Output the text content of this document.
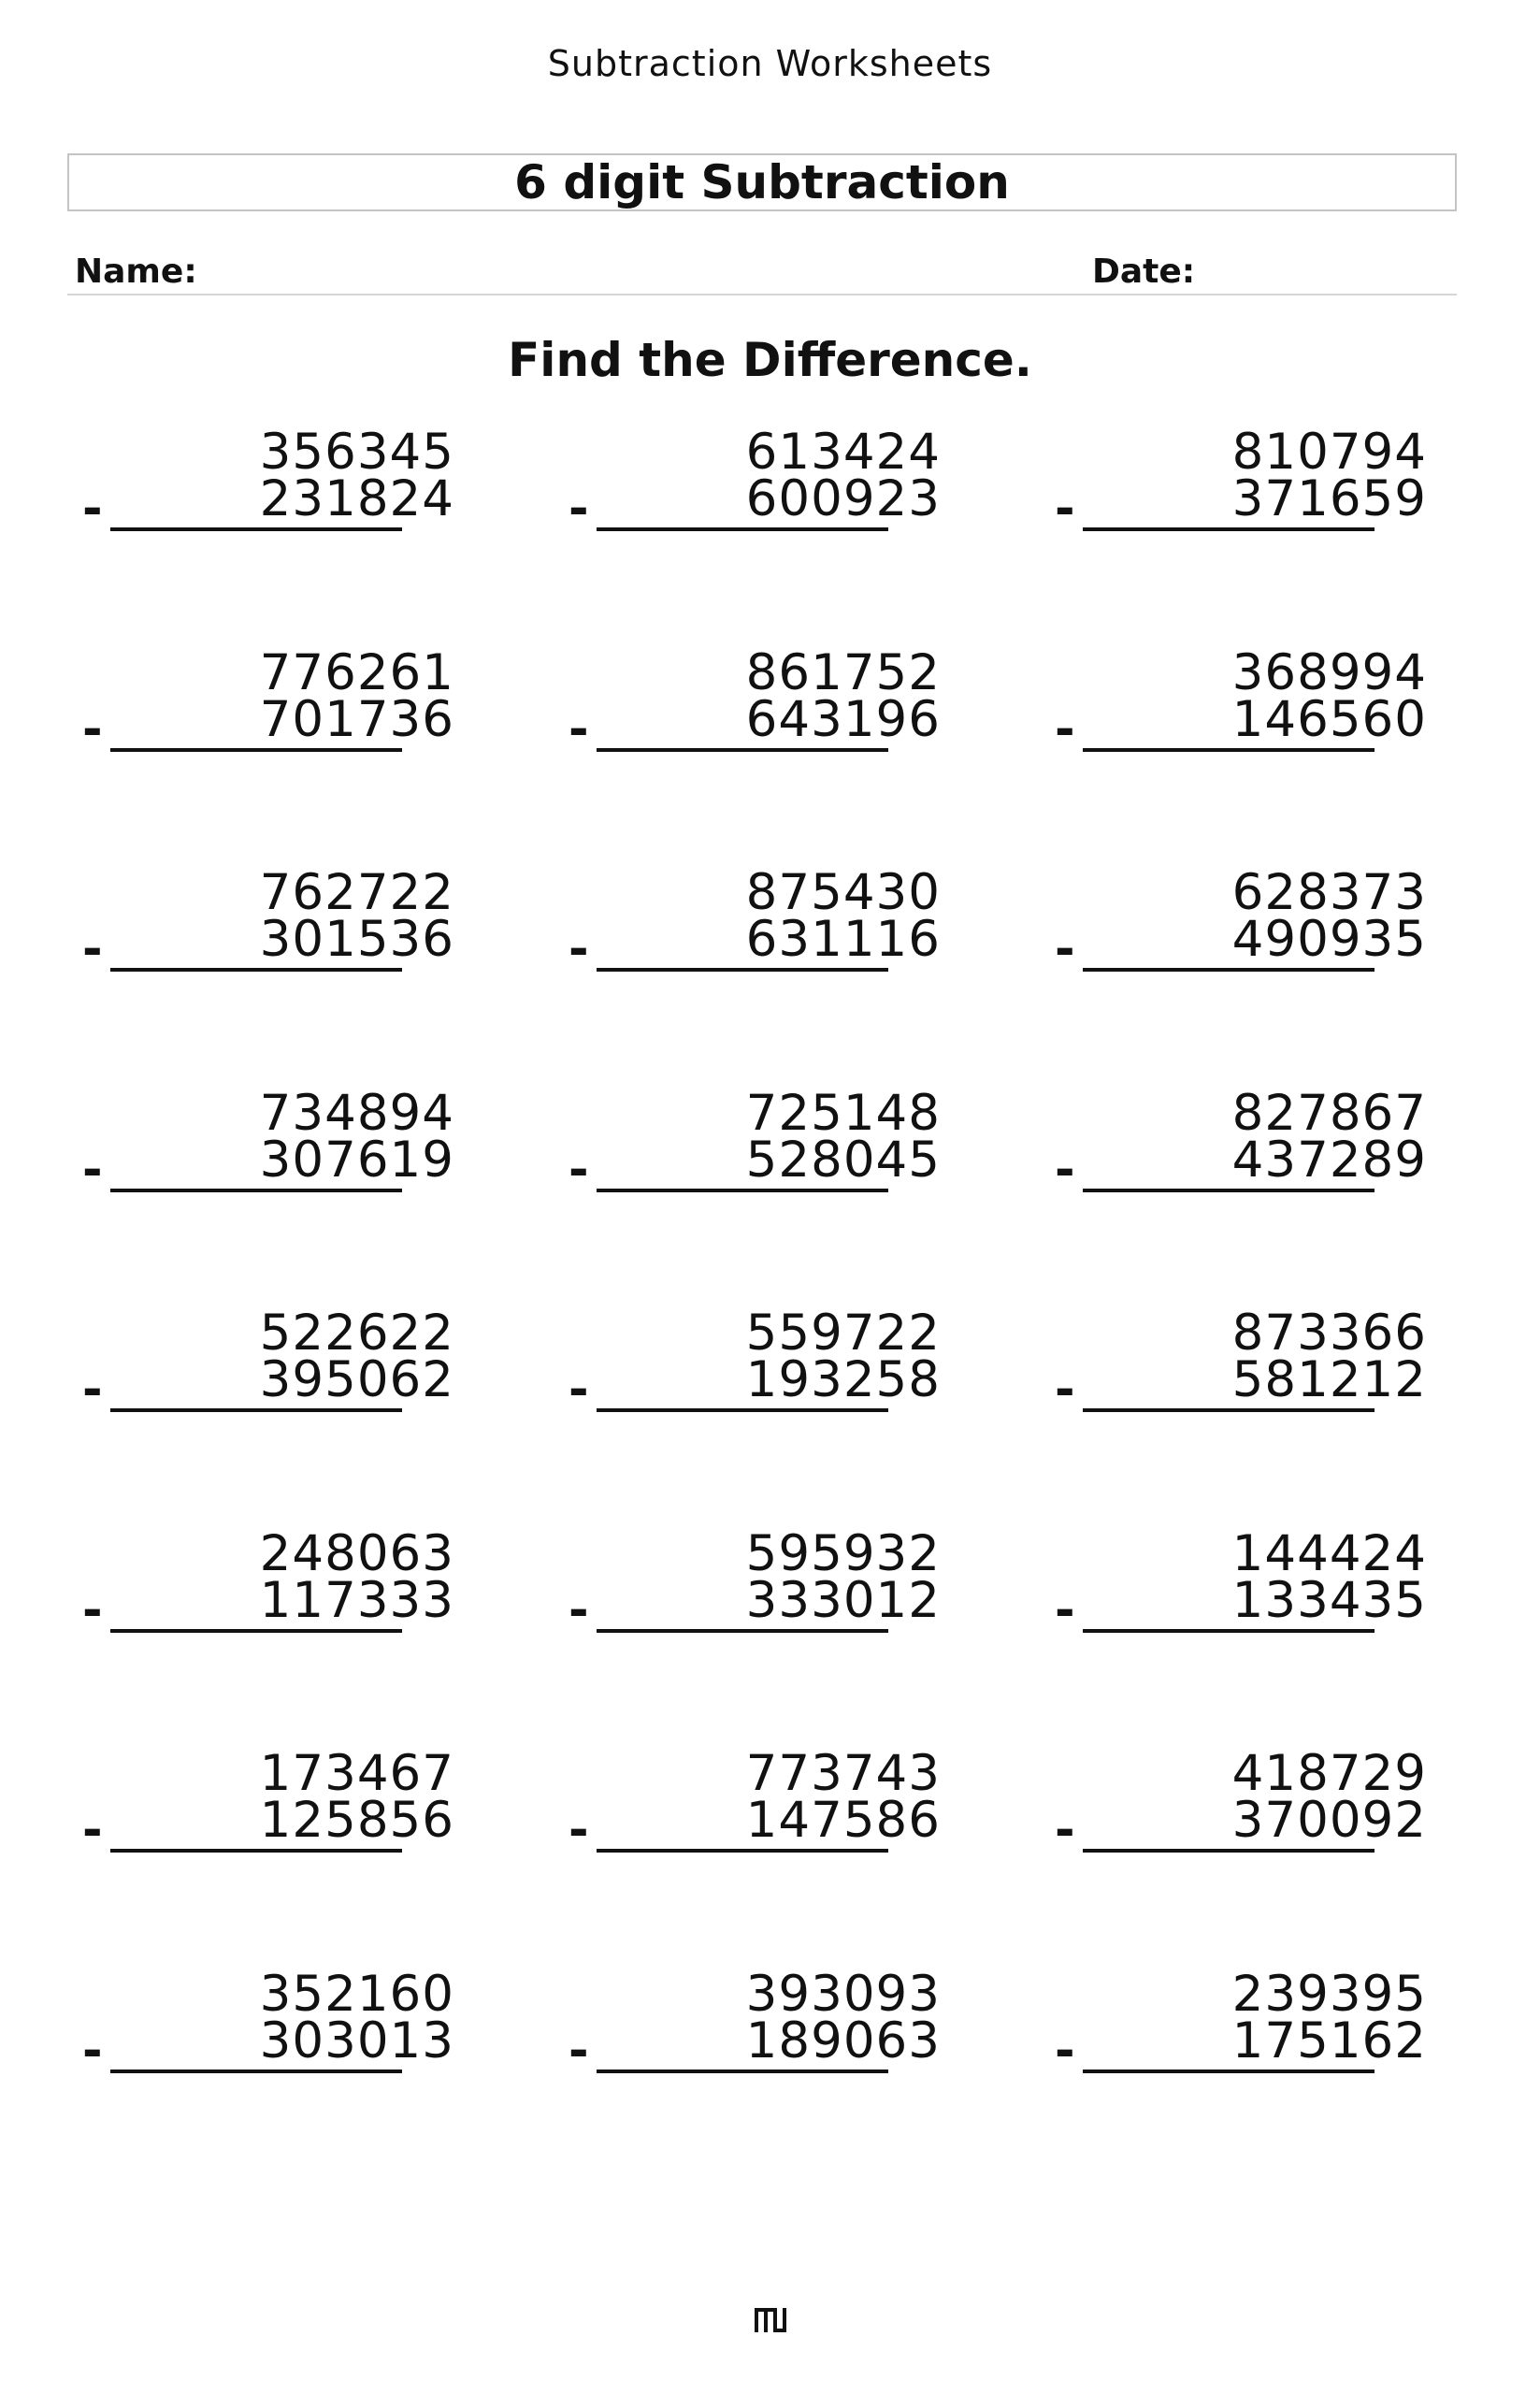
Subtraction Worksheets
6 digit Subtraction
Name:	Date:
Find the Difference.
356345
-	231824
613424
-	600923
810794
-	371659
776261
-	701736
861752
-	643196
368994
-	146560
762722
-	301536
875430
-	631116
628373
-	490935
734894
-	307619
725148
-	528045
827867
-	437289
522622
-	395062
559722
-	193258
873366
-	581212
248063
-	117333
595932
-	333012
144424
-	133435
173467
-	125856
773743
-	147586
418729
-	370092
352160
-	303013
393093
-	189063
239395
-	175162
